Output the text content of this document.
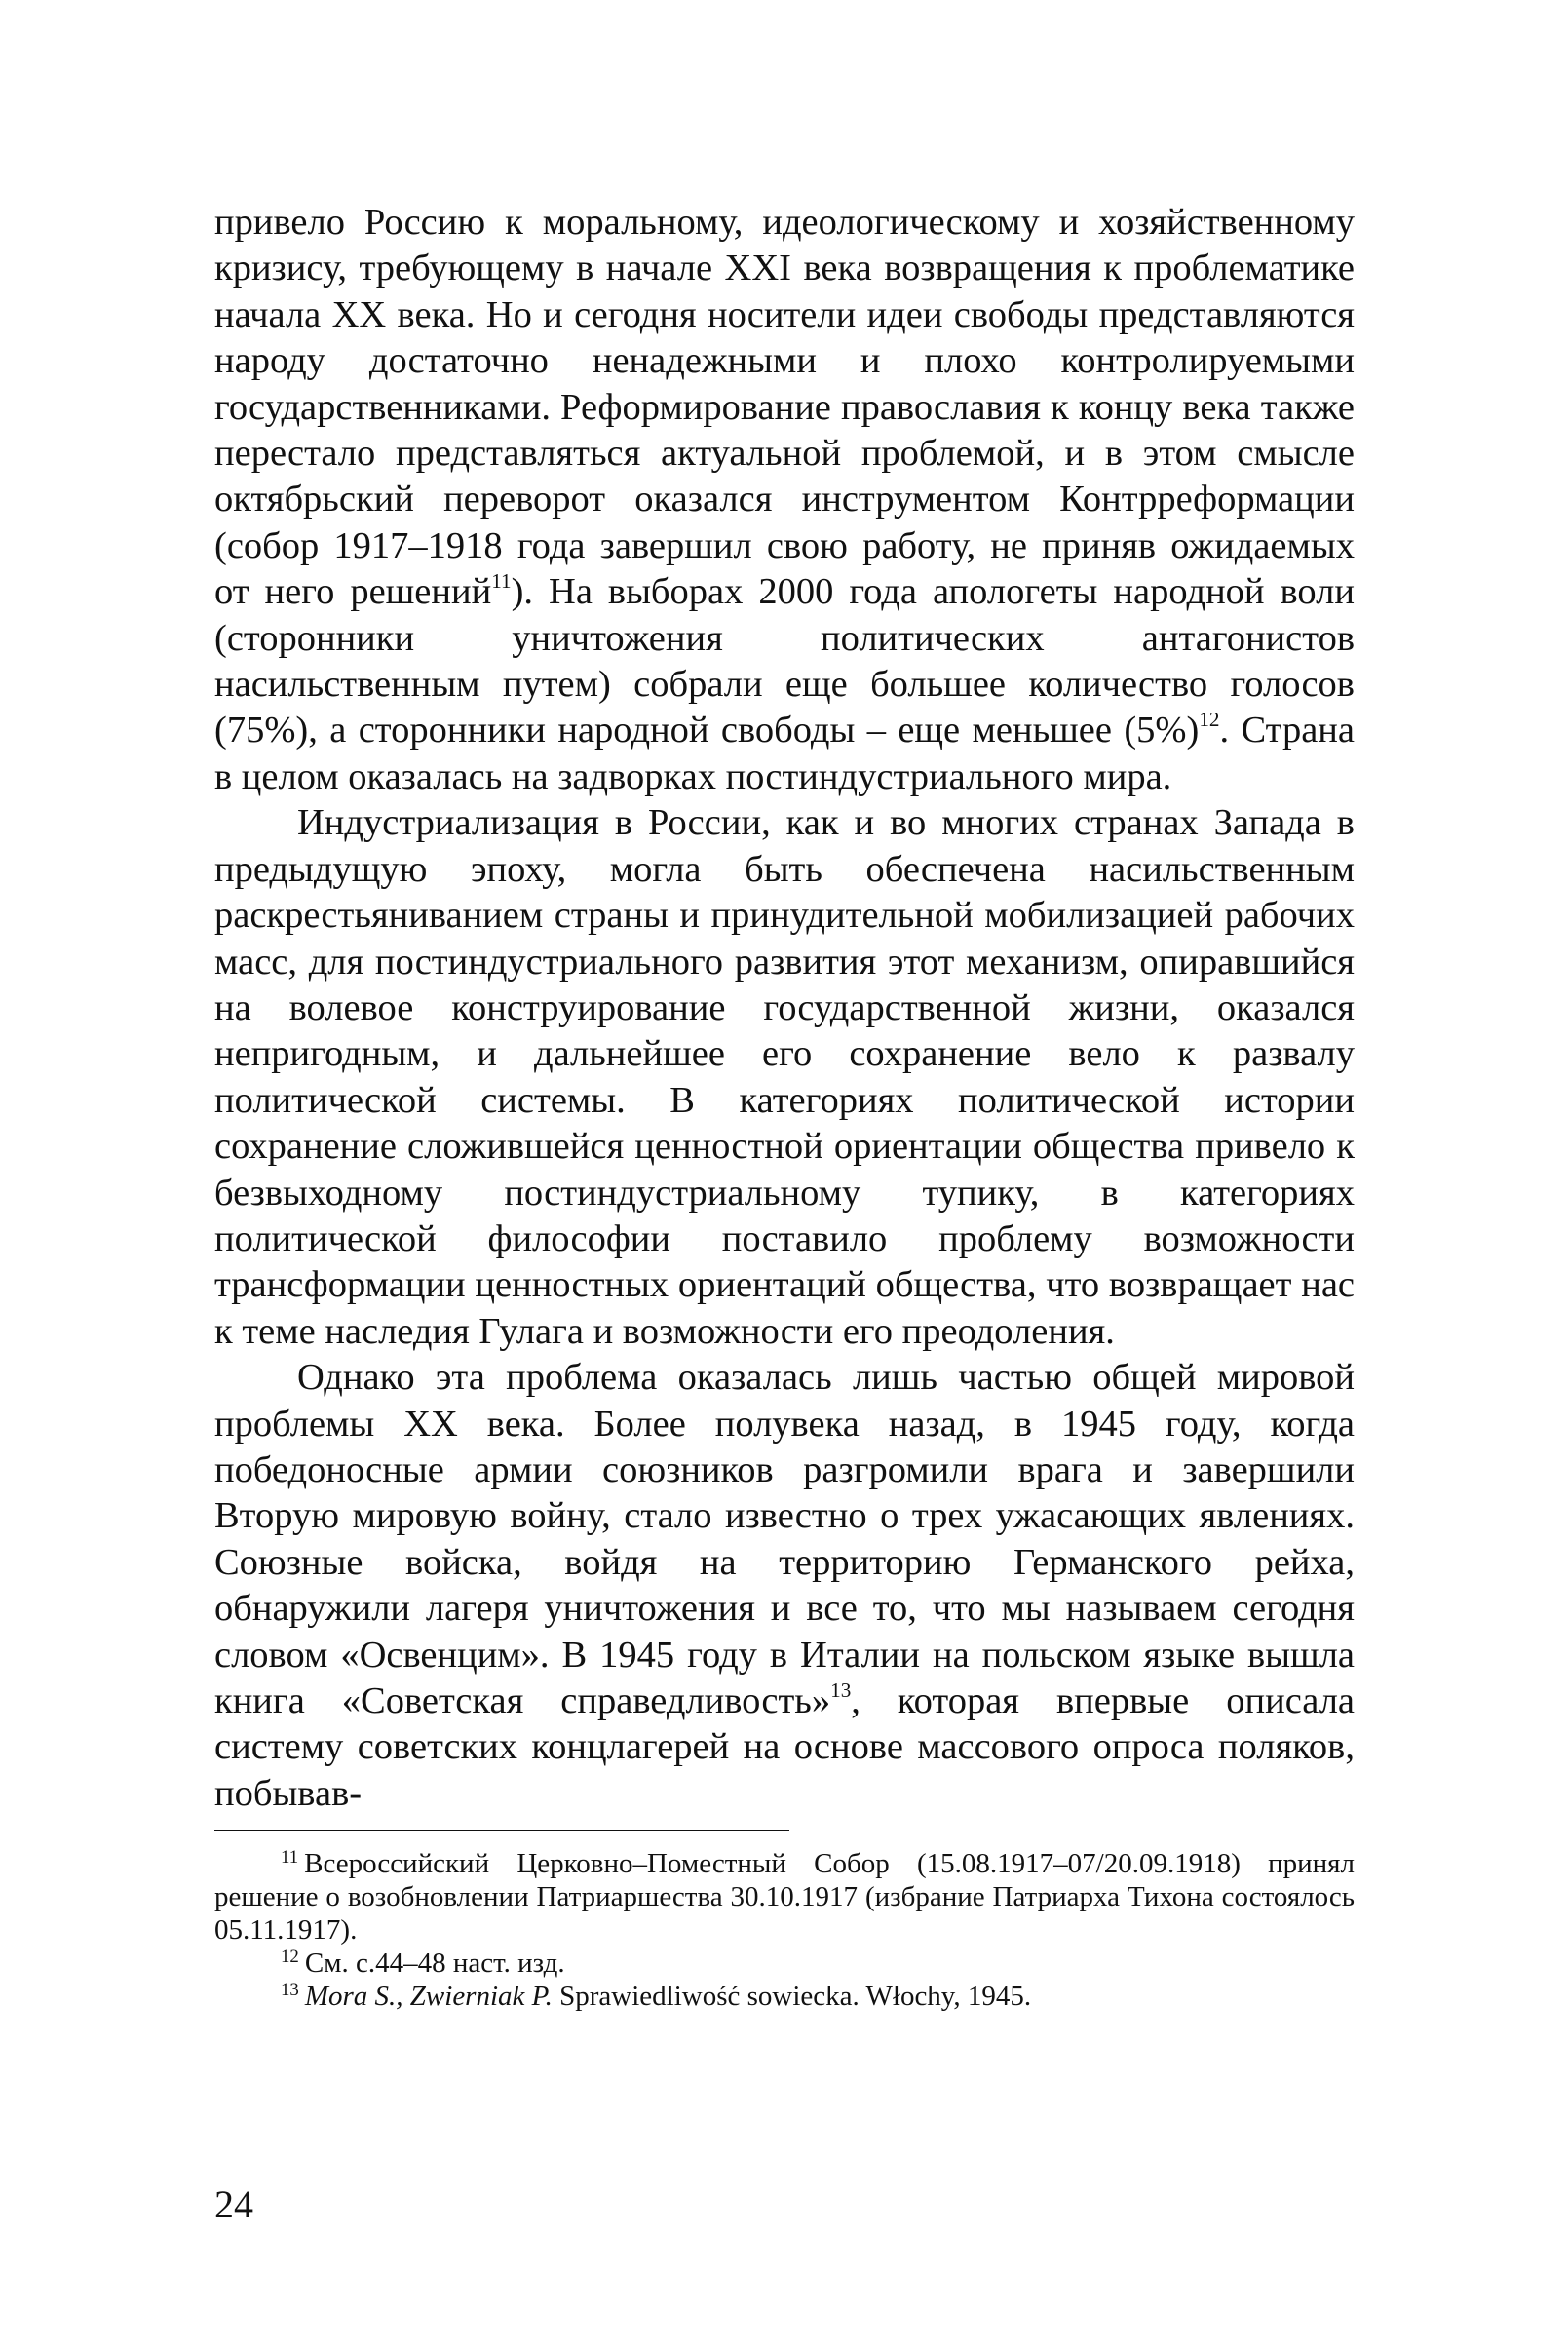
привело Россию к моральному, идеологическому и хозяйственному кризису, требующему в начале XXI века возвращения к проблематике начала XX века. Но и сегодня носители идеи свободы представляются народу достаточно ненадежными и плохо контролируемыми государственниками. Реформирование православия к концу века также перестало представляться актуальной проблемой, и в этом смысле октябрьский переворот оказался инструментом Контрреформации (собор 1917–1918 года завершил свою работу, не приняв ожидаемых от него решений$^{11}$). На выборах 2000 года апологеты народной воли (сторонники уничтожения политических антагонистов насильственным путем) собрали еще большее количество голосов (75%), а сторонники народной свободы – еще меньшее $(5\%)^{12}$. Страна в целом оказалась на задворках постиндустриального мира.

Индустриализация в России, как и во многих странах Запада в предыдущую эпоху, могла быть обеспечена насильственным раскрестьяниванием страны и принудительной мобилизацией рабочих масс, для постиндустриального развития этот механизм, опиравшийся на волевое конструирование государственной жизни, оказался непригодным, и дальнейшее его сохранение вело к развалу политической системы. В категориях политической истории сохранение сложившейся ценностной ориентации общества привело к безвыходному постиндустриальному тупику, в категориях политической философии поставило проблему возможности трансформации ценностных ориентаций общества, что возвращает нас к теме наследия Гулага и возможности его преодоления.

Однако эта проблема оказалась лишь частью общей мировой проблемы XX века. Более полувека назад, в 1945 году, когда победоносные армии союзников разгромили врага и завершили Вторую мировую войну, стало известно о трех ужасающих явлениях. Союзные войска, войдя на территорию Германского рейха, обнаружили лагеря уничтожения и все то, что мы называем сегодня словом «Освенцим». В 1945 году в Италии на польском языке вышла книга «Советская справедливость»$^{13}$, которая впервые описала систему советских концлагерей на основе массового опроса поляков, побывав-

$^{11}$ Всероссийский Церковно–Поместный Собор (15.08.1917–07/20.09.1918) принял решение о возобновлении Патриаршества 30.10.1917 (избрание Патриарха Тихона состоялось 05.11.1917).

$^{12}$ См. с.44–48 наст. изд.

$^{13}$ Mora S., Zwierniak P. Sprawiedliwość sowiecka. Włochy, 1945.

24
